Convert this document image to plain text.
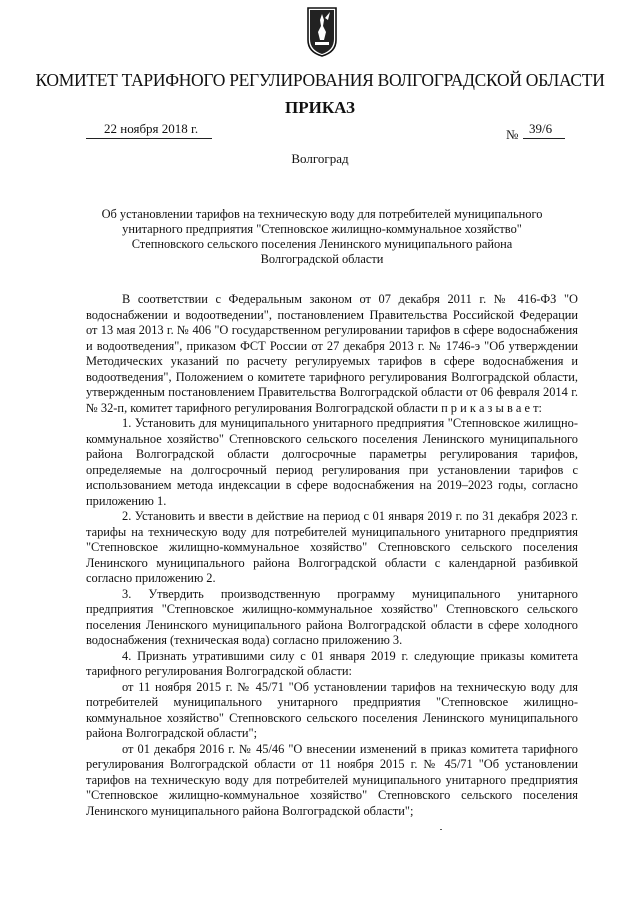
КОМИТЕТ ТАРИФНОГО РЕГУЛИРОВАНИЯ ВОЛГОГРАДСКОЙ ОБЛАСТИ
ПРИКАЗ
22 ноября 2018 г.	№ 39/6
Волгоград
Об установлении тарифов на техническую воду для потребителей муниципального унитарного предприятия "Степновское жилищно-коммунальное хозяйство" Степновского сельского поселения Ленинского муниципального района Волгоградской области

В соответствии с Федеральным законом от 07 декабря 2011 г. № 416-ФЗ "О водоснабжении и водоотведении", постановлением Правительства Российской Федерации от 13 мая 2013 г. № 406 "О государственном регулировании тарифов в сфере водоснабжения и водоотведения", приказом ФСТ России от 27 декабря 2013 г. № 1746-э "Об утверждении Методических указаний по расчету регулируемых тарифов в сфере водоснабжения и водоотведения", Положением о комитете тарифного регулирования Волгоградской области, утвержденным постановлением Правительства Волгоградской области от 06 февраля 2014 г. № 32-п, комитет тарифного регулирования Волгоградской области п р и к а з ы в а е т:

1. Установить для муниципального унитарного предприятия "Степновское жилищно-коммунальное хозяйство" Степновского сельского поселения Ленинского муниципального района Волгоградской области долгосрочные параметры регулирования тарифов, определяемые на долгосрочный период регулирования при установлении тарифов с использованием метода индексации в сфере водоснабжения на 2019–2023 годы, согласно приложению 1.

2. Установить и ввести в действие на период с 01 января 2019 г. по 31 декабря 2023 г. тарифы на техническую воду для потребителей муниципального унитарного предприятия "Степновское жилищно-коммунальное хозяйство" Степновского сельского поселения Ленинского муниципального района Волгоградской области с календарной разбивкой согласно приложению 2.

3. Утвердить производственную программу муниципального унитарного предприятия "Степновское жилищно-коммунальное хозяйство" Степновского сельского поселения Ленинского муниципального района Волгоградской области в сфере холодного водоснабжения (техническая вода) согласно приложению 3.

4. Признать утратившими силу с 01 января 2019 г. следующие приказы комитета тарифного регулирования Волгоградской области:

от 11 ноября 2015 г. № 45/71 "Об установлении тарифов на техническую воду для потребителей муниципального унитарного предприятия "Степновское жилищно-коммунальное хозяйство" Степновского сельского поселения Ленинского муниципального района Волгоградской области";

от 01 декабря 2016 г. № 45/46 "О внесении изменений в приказ комитета тарифного регулирования Волгоградской области от 11 ноября 2015 г. № 45/71 "Об установлении тарифов на техническую воду для потребителей муниципального унитарного предприятия "Степновское жилищно-коммунальное хозяйство" Степновского сельского поселения Ленинского муниципального района Волгоградской области";
